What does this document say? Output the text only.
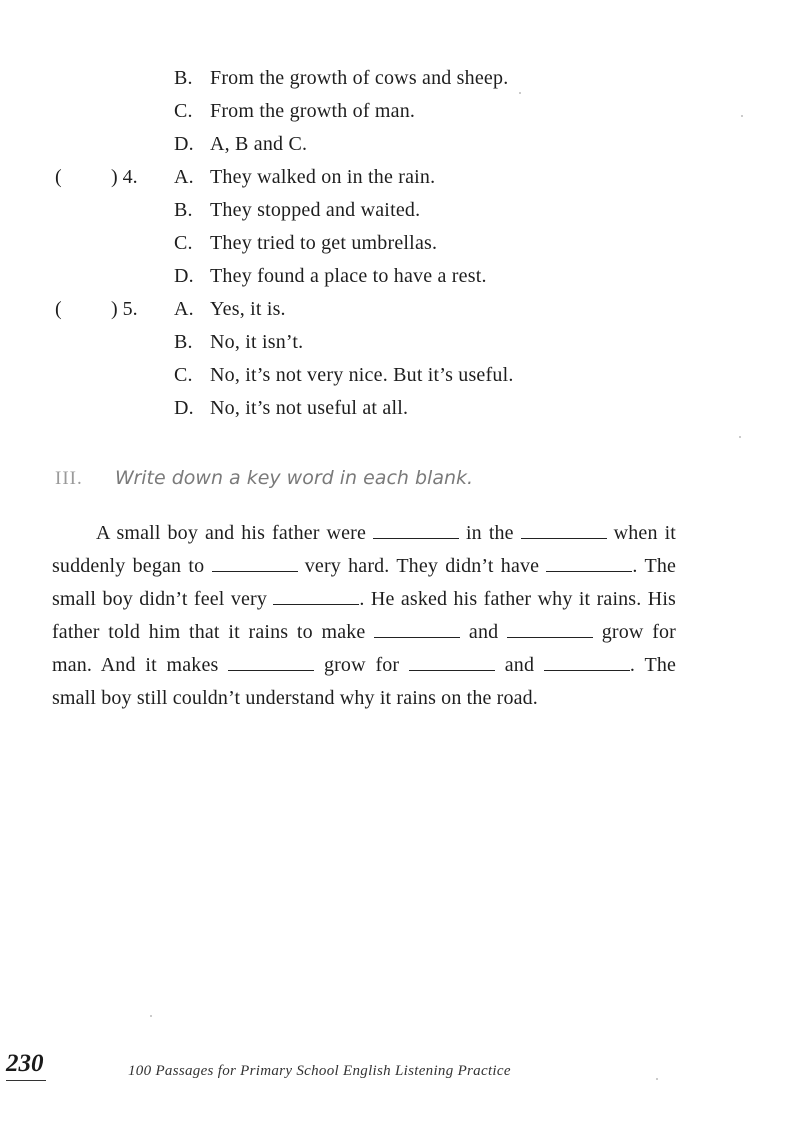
B. From the growth of cows and sheep.
C. From the growth of man.
D. A, B and C.
( ) 4. A. They walked on in the rain.
B. They stopped and waited.
C. They tried to get umbrellas.
D. They found a place to have a rest.
( ) 5. A. Yes, it is.
B. No, it isn’t.
C. No, it’s not very nice. But it’s useful.
D. No, it’s not useful at all.
III. Write down a key word in each blank.

A small boy and his father were	in the	when it suddenly began to	very hard. They didn’t have	. The small boy didn’t feel very	. He asked his father why it rains. His father told him that it rains to make	and	grow for man. And it makes	grow for	and	. The small boy still couldn’t understand why it rains on the road.

230	100 Passages for Primary School English Listening Practice
